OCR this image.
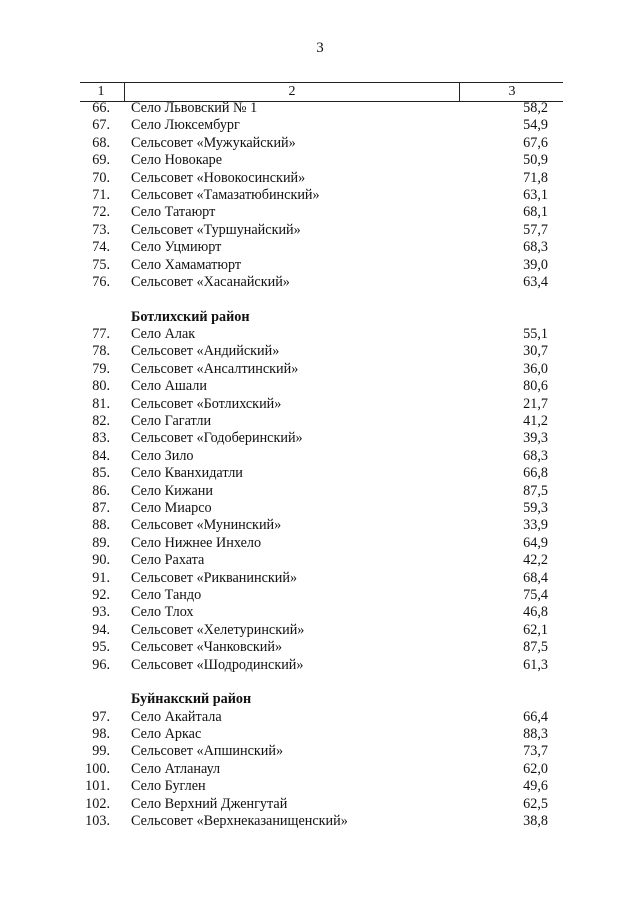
3
1	2	3
66. Село Львовский № 1	58,2
67. Село Люксембург	54,9
68. Сельсовет «Мужукайский»	67,6
69. Село Новокаре	50,9
70. Сельсовет «Новокосинский»	71,8
71. Сельсовет «Тамазатюбинский»	63,1
72. Село Татаюрт	68,1
73. Сельсовет «Туршунайский»	57,7
74. Село Уцмиюрт	68,3
75. Село Хамаматюрт	39,0
76. Сельсовет «Хасанайский»	63,4
Ботлихский район
77. Село Алак	55,1
78. Сельсовет «Андийский»	30,7
79. Сельсовет «Ансалтинский»	36,0
80. Село Ашали	80,6
81. Сельсовет «Ботлихский»	21,7
82. Село Гагатли	41,2
83. Сельсовет «Годоберинский»	39,3
84. Село Зило	68,3
85. Село Кванхидатли	66,8
86. Село Кижани	87,5
87. Село Миарсо	59,3
88. Сельсовет «Мунинский»	33,9
89. Село Нижнее Инхело	64,9
90. Село Рахата	42,2
91. Сельсовет «Рикванинский»	68,4
92. Село Тандо	75,4
93. Село Тлох	46,8
94. Сельсовет «Хелетуринский»	62,1
95. Сельсовет «Чанковский»	87,5
96. Сельсовет «Шодродинский»	61,3
Буйнакский район
97. Село Акайтала	66,4
98. Село Аркас	88,3
99. Сельсовет «Апшинский»	73,7
100. Село Атланаул	62,0
101. Село Буглен	49,6
102. Село Верхний Дженгутай	62,5
103. Сельсовет «Верхнеказанищенский»	38,8
